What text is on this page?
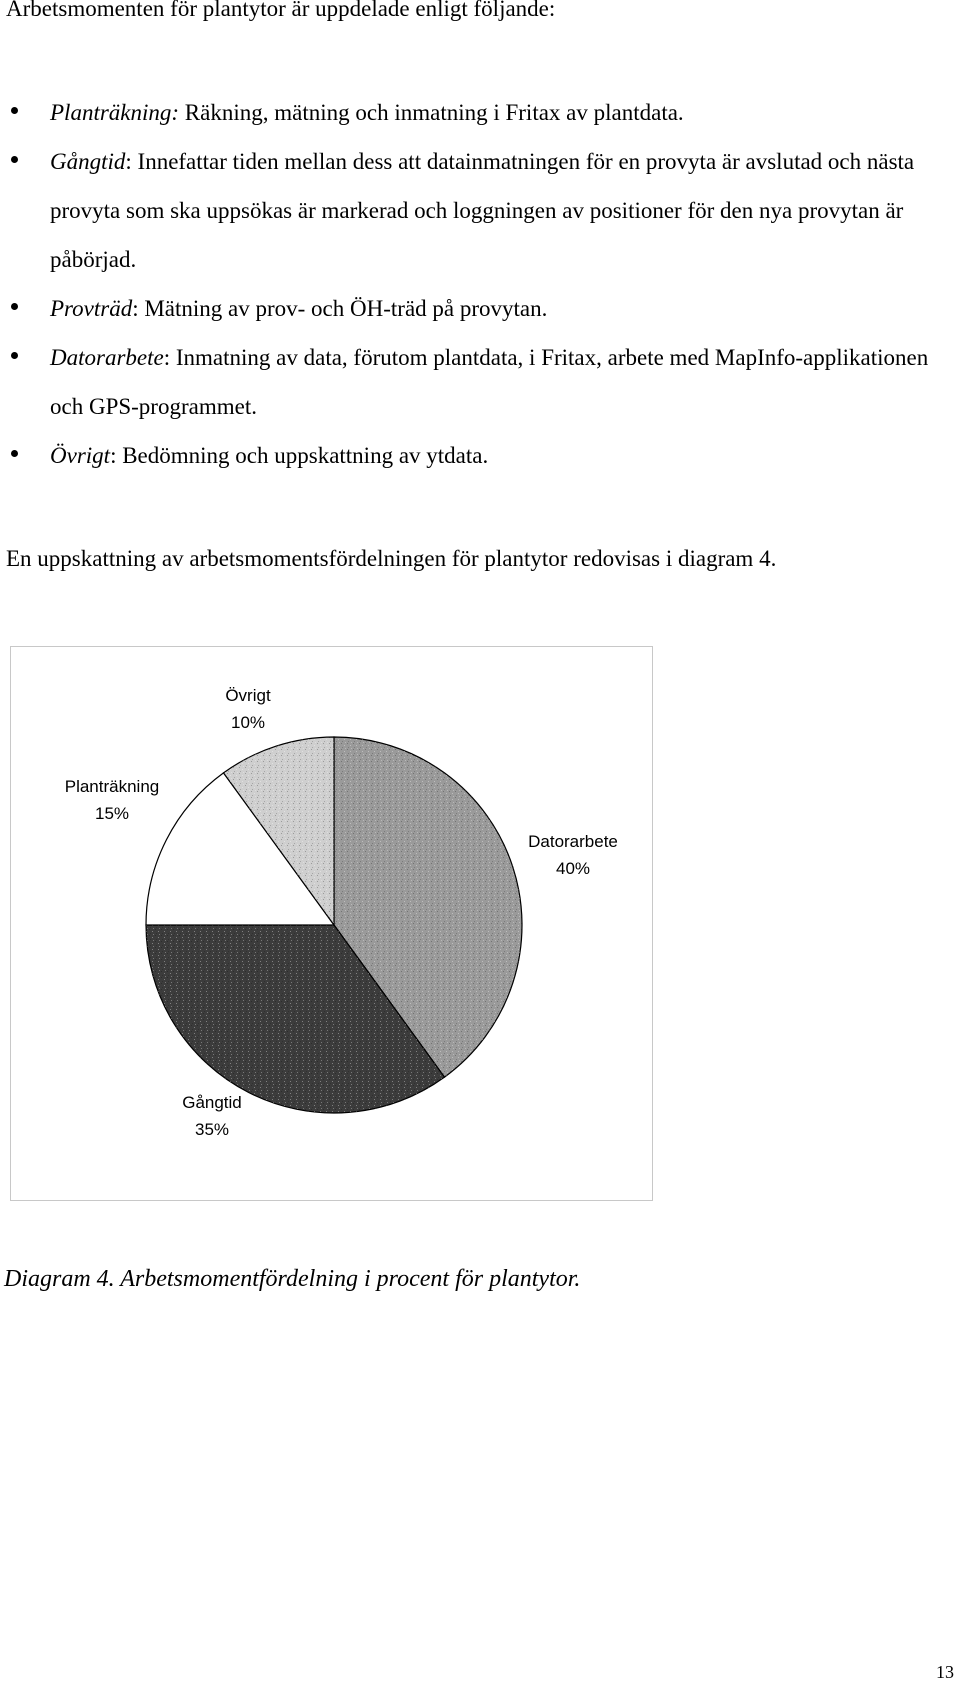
Arbetsmomenten för plantytor är uppdelade enligt följande:

Planträkning: Räkning, mätning och inmatning i Fritax av plantdata.
Gångtid: Innefattar tiden mellan dess att datainmatningen för en provyta är avslutad och nästa provyta som ska uppsökas är markerad och loggningen av positioner för den nya provytan är påbörjad.
Provträd: Mätning av prov- och ÖH-träd på provytan.
Datorarbete: Inmatning av data, förutom plantdata, i Fritax, arbete med MapInfo-applikationen och GPS-programmet.
Övrigt: Bedömning och uppskattning av ytdata.

En uppskattning av arbetsmomentsfördelningen för plantytor redovisas i diagram 4.

Datorarbete
40%
Gångtid
35%
Planträkning
15%
Övrigt
10%

Diagram 4. Arbetsmomentfördelning i procent för plantytor.

13
